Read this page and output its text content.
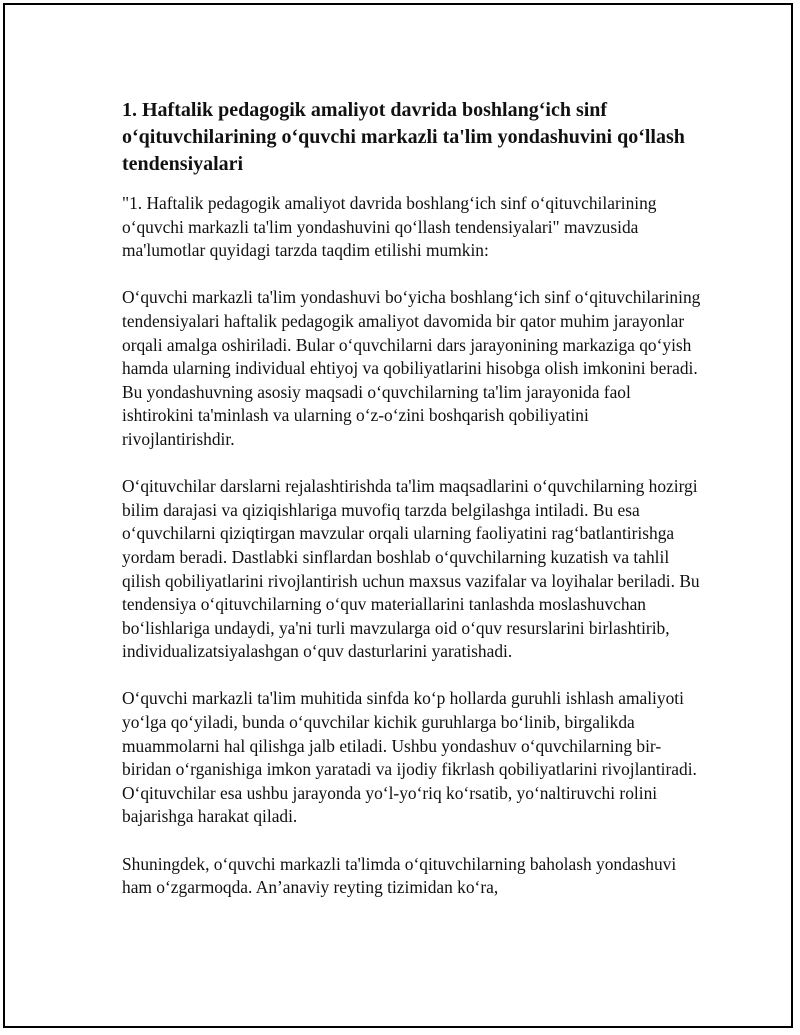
1. Haftalik pedagogik amaliyot davrida boshlang‘ich sinf o‘qituvchilarining o‘quvchi markazli ta'lim yondashuvini qo‘llash tendensiyalari

"1. Haftalik pedagogik amaliyot davrida boshlang‘ich sinf o‘qituvchilarining o‘quvchi markazli ta'lim yondashuvini qo‘llash tendensiyalari" mavzusida ma'lumotlar quyidagi tarzda taqdim etilishi mumkin:

O‘quvchi markazli ta'lim yondashuvi bo‘yicha boshlang‘ich sinf o‘qituvchilarining tendensiyalari haftalik pedagogik amaliyot davomida bir qator muhim jarayonlar orqali amalga oshiriladi. Bular o‘quvchilarni dars jarayonining markaziga qo‘yish hamda ularning individual ehtiyoj va qobiliyatlarini hisobga olish imkonini beradi. Bu yondashuvning asosiy maqsadi o‘quvchilarning ta'lim jarayonida faol ishtirokini ta'minlash va ularning o‘z-o‘zini boshqarish qobiliyatini rivojlantirishdir.

O‘qituvchilar darslarni rejalashtirishda ta'lim maqsadlarini o‘quvchilarning hozirgi bilim darajasi va qiziqishlariga muvofiq tarzda belgilashga intiladi. Bu esa o‘quvchilarni qiziqtirgan mavzular orqali ularning faoliyatini rag‘batlantirishga yordam beradi. Dastlabki sinflardan boshlab o‘quvchilarning kuzatish va tahlil qilish qobiliyatlarini rivojlantirish uchun maxsus vazifalar va loyihalar beriladi. Bu tendensiya o‘qituvchilarning o‘quv materiallarini tanlashda moslashuvchan bo‘lishlariga undaydi, ya'ni turli mavzularga oid o‘quv resurslarini birlashtirib, individualizatsiyalashgan o‘quv dasturlarini yaratishadi.

O‘quvchi markazli ta'lim muhitida sinfda ko‘p hollarda guruhli ishlash amaliyoti yo‘lga qo‘yiladi, bunda o‘quvchilar kichik guruhlarga bo‘linib, birgalikda muammolarni hal qilishga jalb etiladi. Ushbu yondashuv o‘quvchilarning bir-biridan o‘rganishiga imkon yaratadi va ijodiy fikrlash qobiliyatlarini rivojlantiradi. O‘qituvchilar esa ushbu jarayonda yo‘l-yo‘riq ko‘rsatib, yo‘naltiruvchi rolini bajarishga harakat qiladi.

Shuningdek, o‘quvchi markazli ta'limda o‘qituvchilarning baholash yondashuvi ham o‘zgarmoqda. An’anaviy reyting tizimidan ko‘ra,
